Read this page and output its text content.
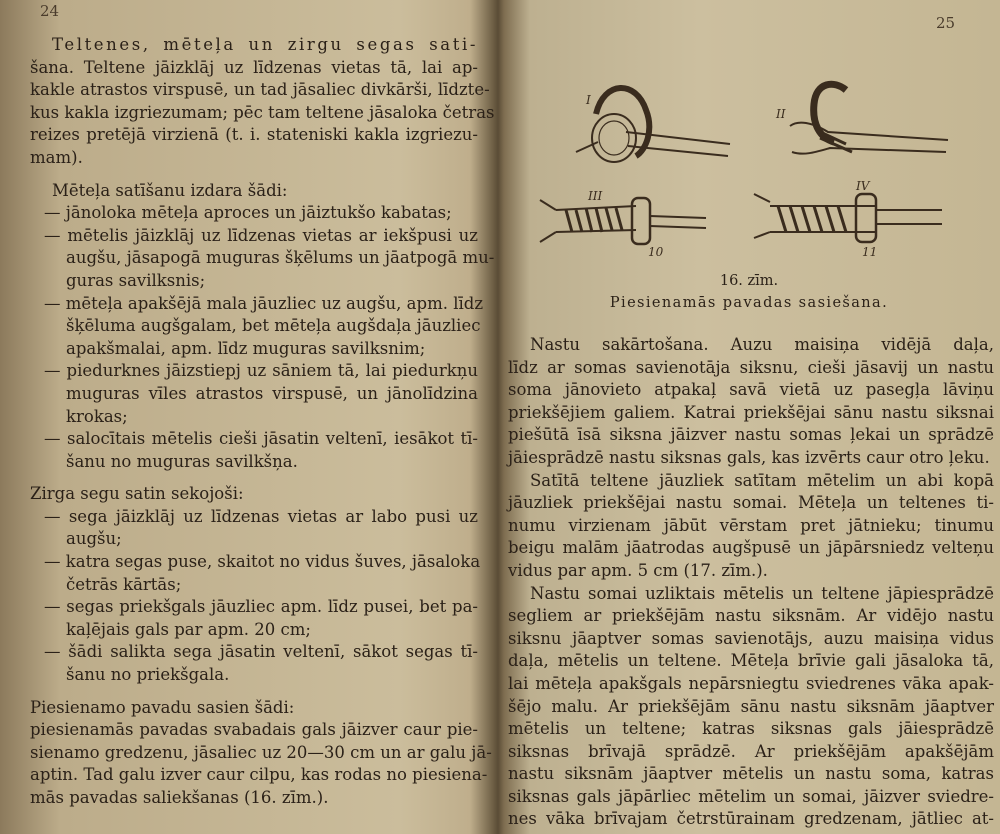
24
Teltenes, mēteļa un zirgu segas sati-
šana. Teltene jāizklāj uz līdzenas vietas tā, lai ap-
kakle atrastos virspusē, un tad jāsaliec divkārši, līdzte-
kus kakla izgriezumam; pēc tam teltene jāsaloka četras
reizes pretējā virzienā (t. i. stateniski kakla izgriezu-
mam).
Mēteļa satīšanu izdara šādi:
— jānoloka mēteļa aproces un jāiztukšo kabatas;
— mētelis jāizklāj uz līdzenas vietas ar iekšpusi uz
augšu, jāsapogā muguras šķēlums un jāatpogā mu-
guras savilksnis;
— mēteļa apakšējā mala jāuzliec uz augšu, apm. līdz
šķēluma augšgalam, bet mēteļa augšdaļa jāuzliec
apakšmalai, apm. līdz muguras savilksnim;
— piedurknes jāizstiepj uz sāniem tā, lai piedurkņu
muguras vīles atrastos virspusē, un jānolīdzina
krokas;
— salocītais mētelis cieši jāsatin veltenī, iesākot tī-
šanu no muguras savilkšņa.
Zirga segu satin sekojoši:
— sega jāizklāj uz līdzenas vietas ar labo pusi uz
augšu;
— katra segas puse, skaitot no vidus šuves, jāsaloka
četrās kārtās;
— segas priekšgals jāuzliec apm. līdz pusei, bet pa-
kaļējais gals par apm. 20 cm;
— šādi salikta sega jāsatin veltenī, sākot segas tī-
šanu no priekšgala.
Piesienamo pavadu sasien šādi:
piesienamās pavadas svabadais gals jāizver caur pie-
sienamo gredzenu, jāsaliec uz 20—30 cm un ar galu jā-
aptin. Tad galu izver caur cilpu, kas rodas no piesiena-
mās pavadas saliekšanas (16. zīm.).
25
I
II
III
IV
10	11
16. zīm.
Piesienamās pavadas sasiešana.
Nastu sakārtošana. Auzu maisiņa vidējā daļa,
līdz ar somas savienotāja siksnu, cieši jāsavij un nastu
soma jānovieto atpakaļ savā vietā uz pasegļa lāviņu
priekšējiem galiem. Katrai priekšējai sānu nastu siksnai
piešūtā īsā siksna jāizver nastu somas ļekai un sprādzē
jāiesprādzē nastu siksnas gals, kas izvērts caur otro ļeku.
Satītā teltene jāuzliek satītam mētelim un abi kopā
jāuzliek priekšējai nastu somai. Mēteļa un teltenes ti-
numu virzienam jābūt vērstam pret jātnieku; tinumu
beigu malām jāatrodas augšpusē un jāpārsniedz velteņu
vidus par apm. 5 cm (17. zīm.).
Nastu somai uzliktais mētelis un teltene jāpiesprādzē
segliem ar priekšējām nastu siksnām. Ar vidējo nastu
siksnu jāaptver somas savienotājs, auzu maisiņa vidus
daļa, mētelis un teltene. Mēteļa brīvie gali jāsaloka tā,
lai mēteļa apakšgals nepārsniegtu sviedrenes vāka apak-
šējo malu. Ar priekšējām sānu nastu siksnām jāaptver
mētelis un teltene; katras siksnas gals jāiesprādzē
siksnas brīvajā sprādzē. Ar priekšējām apakšējām
nastu siksnām jāaptver mētelis un nastu soma, katras
siksnas gals jāpārliec mētelim un somai, jāizver sviedre-
nes vāka brīvajam četrstūrainam gredzenam, jātliec at-
